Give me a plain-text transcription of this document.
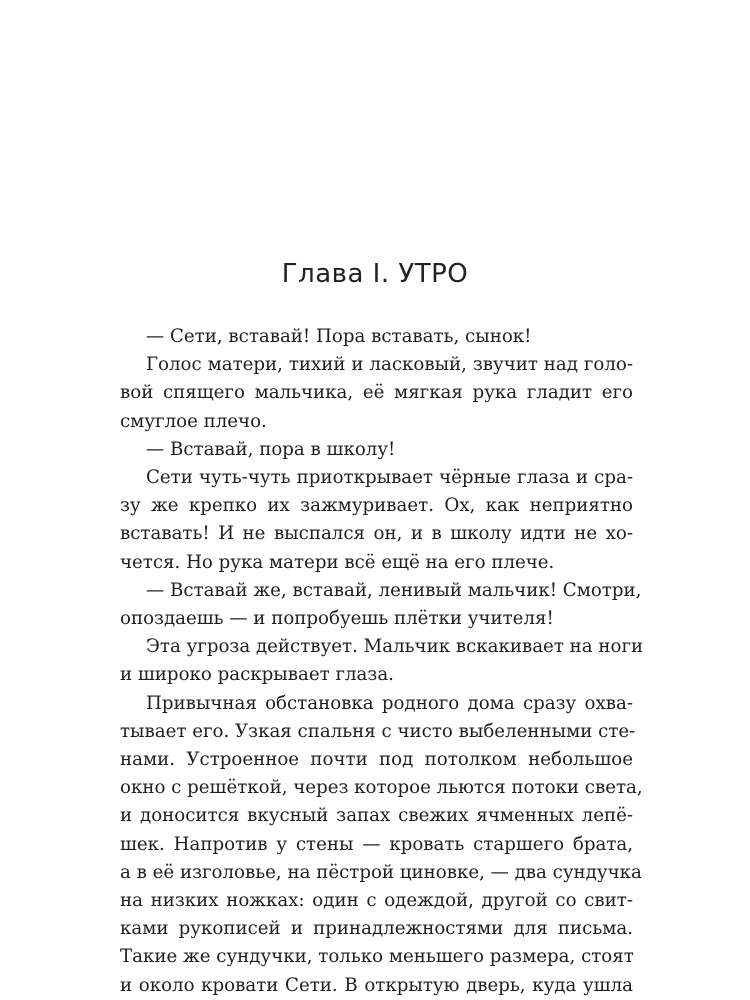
Глава I. УТРО
— Сети, вставай! Пора вставать, сынок!
Голос матери, тихий и ласковый, звучит над голо-
вой спящего мальчика, её мягкая рука гладит его
смуглое плечо.
— Вставай, пора в школу!
Сети чуть-чуть приоткрывает чёрные глаза и сра-
зу же крепко их зажмуривает. Ох, как неприятно
вставать! И не выспался он, и в школу идти не хо-
чется. Но рука матери всё ещё на его плече.
— Вставай же, вставай, ленивый мальчик! Смотри,
опоздаешь — и попробуешь плётки учителя!
Эта угроза действует. Мальчик вскакивает на ноги
и широко раскрывает глаза.
Привычная обстановка родного дома сразу охва-
тывает его. Узкая спальня с чисто выбеленными сте-
нами. Устроенное почти под потолком небольшое
окно с решёткой, через которое льются потоки света,
и доносится вкусный запах свежих ячменных лепё-
шек. Напротив у стены — кровать старшего брата,
а в её изголовье, на пёстрой циновке, — два сундучка
на низких ножках: один с одеждой, другой со свит-
ками рукописей и принадлежностями для письма.
Такие же сундучки, только меньшего размера, стоят
и около кровати Сети. В открытую дверь, куда ушла
